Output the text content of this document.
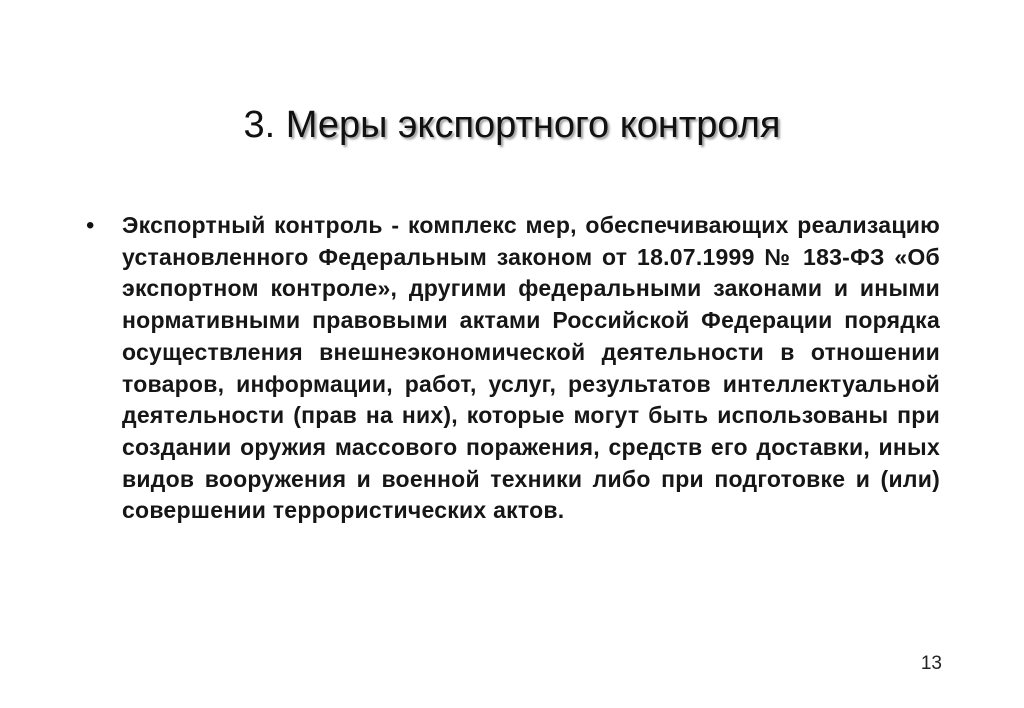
3. Меры экспортного контроля
• Экспортный контроль - комплекс мер, обеспечивающих реализацию установленного Федеральным законом от 18.07.1999 № 183-ФЗ «Об экспортном контроле», другими федеральными законами и иными нормативными правовыми актами Российской Федерации порядка осуществления внешнеэкономической деятельности в отношении товаров, информации, работ, услуг, результатов интеллектуальной деятельности (прав на них), которые могут быть использованы при создании оружия массового поражения, средств его доставки, иных видов вооружения и военной техники либо при подготовке и (или) совершении террористических актов.
13
